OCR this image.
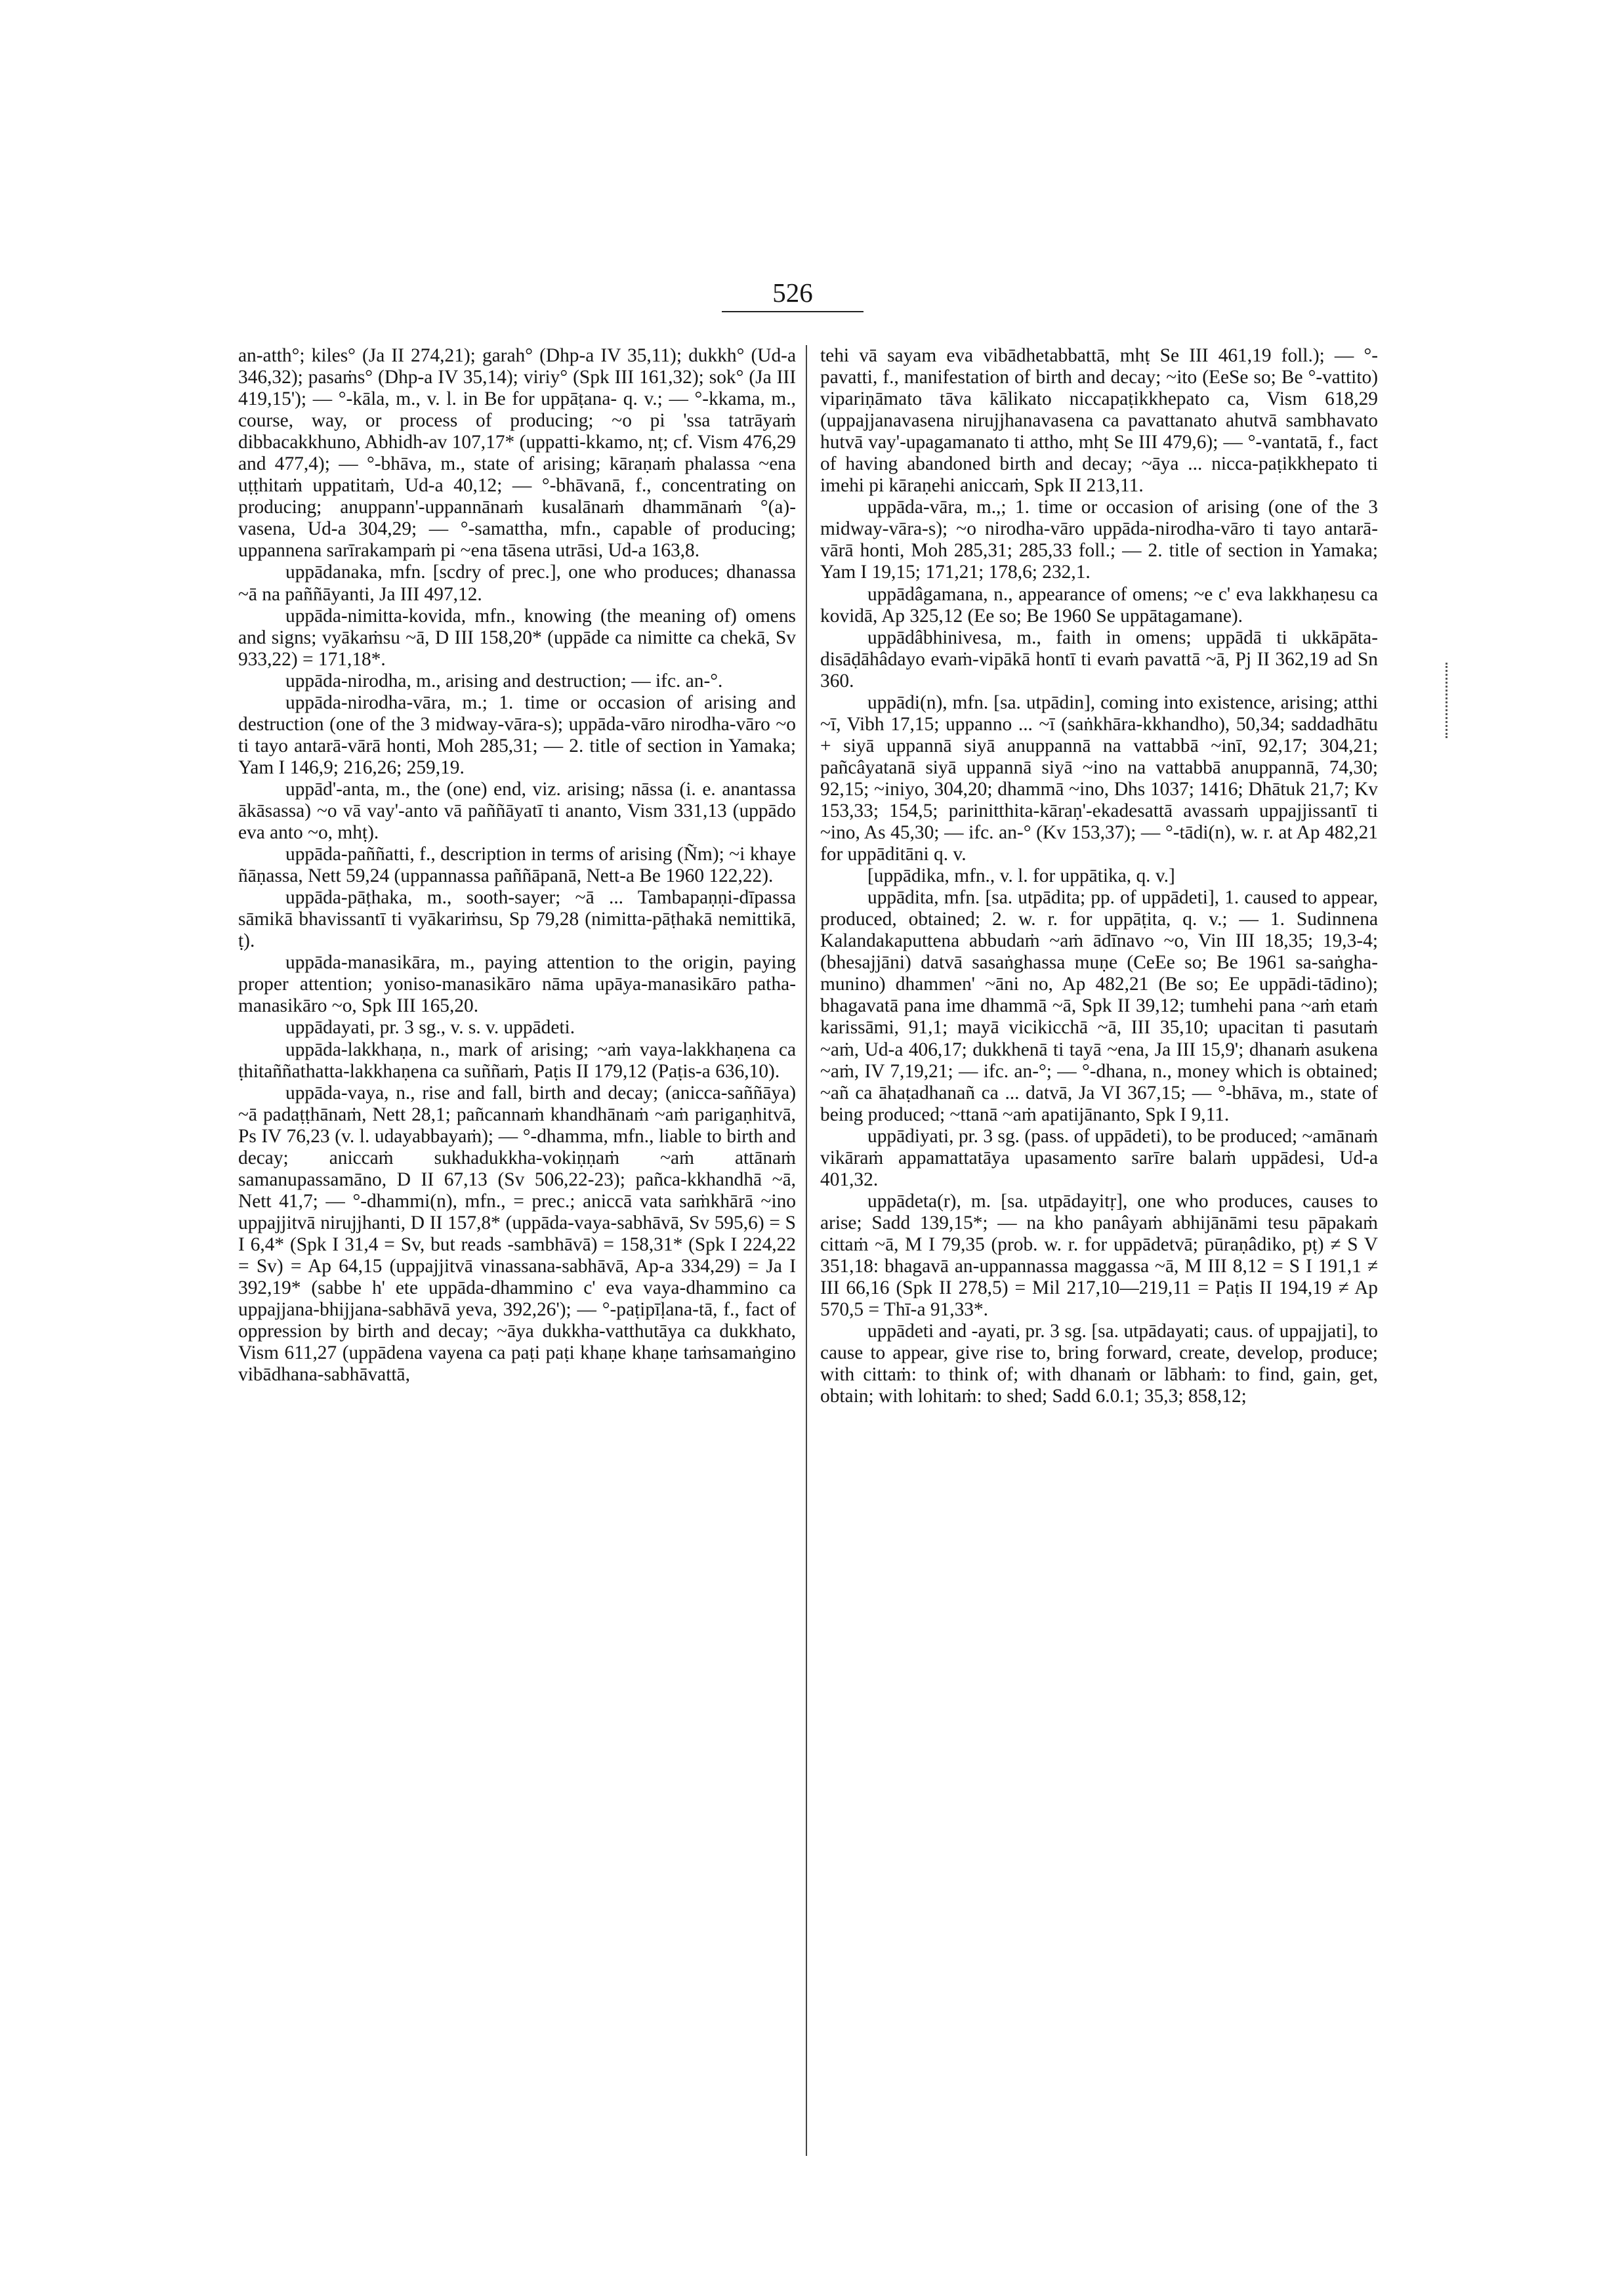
526

an-atth°; kiles° (Ja II 274,21); garah° (Dhp-a IV 35,11); dukkh° (Ud-a 346,32); pasaṁs° (Dhp-a IV 35,14); viriy° (Spk III 161,32); sok° (Ja III 419,15'); — °-kāla, m., v. l. in Be for uppāṭana- q. v.; — °-kkama, m., course, way, or process of producing; ~o pi 'ssa tatrāyaṁ dibbacakkhuno, Abhidh-av 107,17* (uppatti-kkamo, nṭ; cf. Vism 476,29 and 477,4); — °-bhāva, m., state of arising; kāraṇaṁ phalassa ~ena uṭṭhitaṁ uppatitaṁ, Ud-a 40,12; — °-bhāvanā, f., concentrating on producing; anuppann'-uppannānaṁ kusalānaṁ dhammānaṁ °(a)-vasena, Ud-a 304,29; — °-samattha, mfn., capable of producing; uppannena sarīrakampaṁ pi ~ena tāsena utrāsi, Ud-a 163,8.

uppādanaka, mfn. [scdry of prec.], one who produces; dhanassa ~ā na paññāyanti, Ja III 497,12.

uppāda-nimitta-kovida, mfn., knowing (the meaning of) omens and signs; vyākaṁsu ~ā, D III 158,20* (uppāde ca nimitte ca chekā, Sv 933,22) = 171,18*.

uppāda-nirodha, m., arising and destruction; — ifc. an-°.

uppāda-nirodha-vāra, m.; 1. time or occasion of arising and destruction (one of the 3 midway-vāra-s); uppāda-vāro nirodha-vāro ~o ti tayo antarā-vārā honti, Moh 285,31; — 2. title of section in Yamaka; Yam I 146,9; 216,26; 259,19.

uppād'-anta, m., the (one) end, viz. arising; nāssa (i. e. anantassa ākāsassa) ~o vā vay'-anto vā paññāyatī ti ananto, Vism 331,13 (uppādo eva anto ~o, mhṭ).

uppāda-paññatti, f., description in terms of arising (Ñm); ~i khaye ñāṇassa, Nett 59,24 (uppannassa paññāpanā, Nett-a Be 1960 122,22).

uppāda-pāṭhaka, m., sooth-sayer; ~ā ... Tambapaṇṇi-dīpassa sāmikā bhavissantī ti vyākariṁsu, Sp 79,28 (nimitta-pāṭhakā nemittikā, ṭ).

uppāda-manasikāra, m., paying attention to the origin, paying proper attention; yoniso-manasikāro nāma upāya-manasikāro patha-manasikāro ~o, Spk III 165,20.

uppādayati, pr. 3 sg., v. s. v. uppādeti.

uppāda-lakkhaṇa, n., mark of arising; ~aṁ vaya-lakkhaṇena ca ṭhitaññathatta-lakkhaṇena ca suññaṁ, Paṭis II 179,12 (Paṭis-a 636,10).

uppāda-vaya, n., rise and fall, birth and decay; (anicca-saññāya) ~ā padaṭṭhānaṁ, Nett 28,1; pañcannaṁ khandhānaṁ ~aṁ parigaṇhitvā, Ps IV 76,23 (v. l. udayabbayaṁ); — °-dhamma, mfn., liable to birth and decay; aniccaṁ sukhadukkha-vokiṇṇaṁ ~aṁ attānaṁ samanupassamāno, D II 67,13 (Sv 506,22-23); pañca-kkhandhā ~ā, Nett 41,7; — °-dhammi(n), mfn., = prec.; aniccā vata saṁkhārā ~ino uppajjitvā nirujjhanti, D II 157,8* (uppāda-vaya-sabhāvā, Sv 595,6) = S I 6,4* (Spk I 31,4 = Sv, but reads -sambhāvā) = 158,31* (Spk I 224,22 = Sv) = Ap 64,15 (uppajjitvā vinassana-sabhāvā, Ap-a 334,29) = Ja I 392,19* (sabbe h' ete uppāda-dhammino c' eva vaya-dhammino ca uppajjana-bhijjana-sabhāvā yeva, 392,26'); — °-paṭipīḷana-tā, f., fact of oppression by birth and decay; ~āya dukkha-vatthutāya ca dukkhato, Vism 611,27 (uppādena vayena ca paṭi paṭi khaṇe khaṇe taṁsamaṅgino vibādhana-sabhāvattā,

tehi vā sayam eva vibādhetabbattā, mhṭ Se III 461,19 foll.); — °-pavatti, f., manifestation of birth and decay; ~ito (EeSe so; Be °-vattito) vipariṇāmato tāva kālikato niccapaṭikkhepato ca, Vism 618,29 (uppajjanavasena nirujjhanavasena ca pavattanato ahutvā sambhavato hutvā vay'-upagamanato ti attho, mhṭ Se III 479,6); — °-vantatā, f., fact of having abandoned birth and decay; ~āya ... nicca-paṭikkhepato ti imehi pi kāraṇehi aniccaṁ, Spk II 213,11.

uppāda-vāra, m.,; 1. time or occasion of arising (one of the 3 midway-vāra-s); ~o nirodha-vāro uppāda-nirodha-vāro ti tayo antarā-vārā honti, Moh 285,31; 285,33 foll.; — 2. title of section in Yamaka; Yam I 19,15; 171,21; 178,6; 232,1.

uppādâgamana, n., appearance of omens; ~e c' eva lakkhaṇesu ca kovidā, Ap 325,12 (Ee so; Be 1960 Se uppātagamane).

uppādâbhinivesa, m., faith in omens; uppādā ti ukkāpāta-disāḍāhâdayo evaṁ-vipākā hontī ti evaṁ pavattā ~ā, Pj II 362,19 ad Sn 360.

uppādi(n), mfn. [sa. utpādin], coming into existence, arising; atthi ~ī, Vibh 17,15; uppanno ... ~ī (saṅkhāra-kkhandho), 50,34; saddadhātu + siyā uppannā siyā anuppannā na vattabbā ~inī, 92,17; 304,21; pañcâyatanā siyā uppannā siyā ~ino na vattabbā anuppannā, 74,30; 92,15; ~iniyo, 304,20; dhammā ~ino, Dhs 1037; 1416; Dhātuk 21,7; Kv 153,33; 154,5; parinitthita-kāraṇ'-ekadesattā avassaṁ uppajjissantī ti ~ino, As 45,30; — ifc. an-° (Kv 153,37); — °-tādi(n), w. r. at Ap 482,21 for uppāditāni q. v.

[uppādika, mfn., v. l. for uppātika, q. v.]

uppādita, mfn. [sa. utpādita; pp. of uppādeti], 1. caused to appear, produced, obtained; 2. w. r. for uppāṭita, q. v.; — 1. Sudinnena Kalandakaputtena abbudaṁ ~aṁ ādīnavo ~o, Vin III 18,35; 19,3-4; (bhesajjāni) datvā sasaṅghassa muṇe (CeEe so; Be 1961 sa-saṅgha-munino) dhammen' ~āni no, Ap 482,21 (Be so; Ee uppādi-tādino); bhagavatā pana ime dhammā ~ā, Spk II 39,12; tumhehi pana ~aṁ etaṁ karissāmi, 91,1; mayā vicikicchā ~ā, III 35,10; upacitan ti pasutaṁ ~aṁ, Ud-a 406,17; dukkhenā ti tayā ~ena, Ja III 15,9'; dhanaṁ asukena ~aṁ, IV 7,19,21; — ifc. an-°; — °-dhana, n., money which is obtained; ~añ ca āhaṭadhanañ ca ... datvā, Ja VI 367,15; — °-bhāva, m., state of being produced; ~ttanā ~aṁ apatijānanto, Spk I 9,11.

uppādiyati, pr. 3 sg. (pass. of uppādeti), to be produced; ~amānaṁ vikāraṁ appamattatāya upasamento sarīre balaṁ uppādesi, Ud-a 401,32.

uppādeta(r), m. [sa. utpādayitṛ], one who produces, causes to arise; Sadd 139,15*; — na kho panâyaṁ abhijānāmi tesu pāpakaṁ cittaṁ ~ā, M I 79,35 (prob. w. r. for uppādetvā; pūraṇâdiko, pṭ) ≠ S V 351,18: bhagavā an-uppannassa maggassa ~ā, M III 8,12 = S I 191,1 ≠ III 66,16 (Spk II 278,5) = Mil 217,10—219,11 = Paṭis II 194,19 ≠ Ap 570,5 = Thī-a 91,33*.

uppādeti and -ayati, pr. 3 sg. [sa. utpādayati; caus. of uppajjati], to cause to appear, give rise to, bring forward, create, develop, produce; with cittaṁ: to think of; with dhanaṁ or lābhaṁ: to find, gain, get, obtain; with lohitaṁ: to shed; Sadd 6.0.1; 35,3; 858,12;
